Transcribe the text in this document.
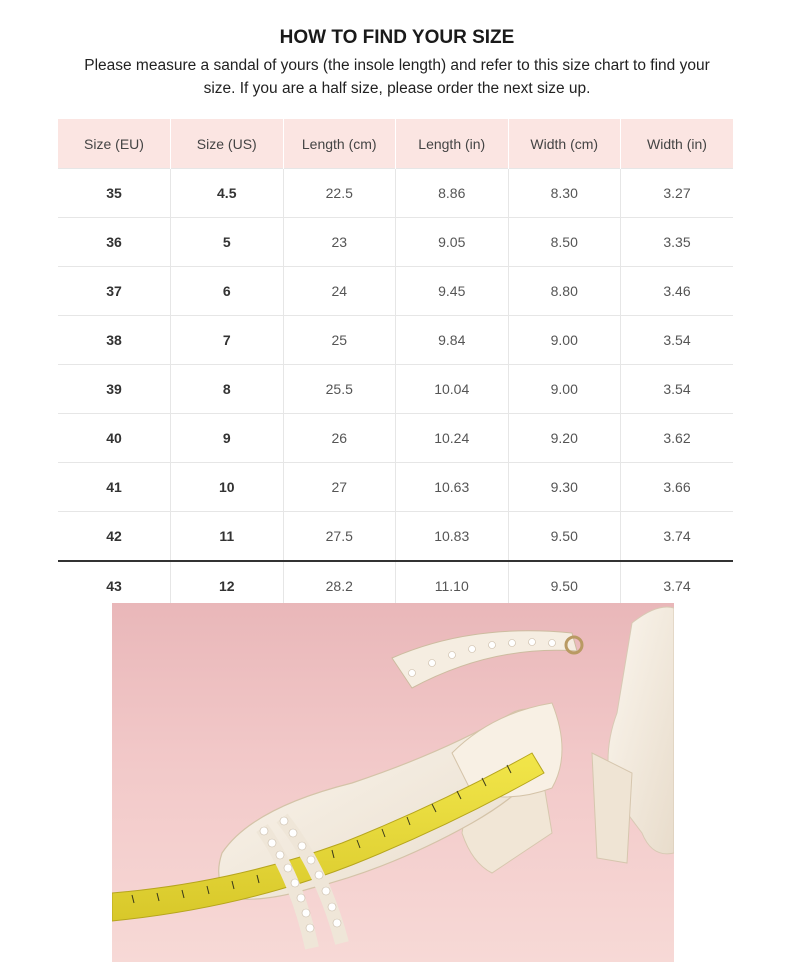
HOW TO FIND YOUR SIZE
Please measure a sandal of yours (the insole length) and refer to this size chart to find your
size. If you are a half size, please order the next size up.
Size (EU)	Size (US)	Length (cm)	Length (in)	Width (cm)	Width (in)
35	4.5	22.5	8.86	8.30	3.27
36	5	23	9.05	8.50	3.35
37	6	24	9.45	8.80	3.46
38	7	25	9.84	9.00	3.54
39	8	25.5	10.04	9.00	3.54
40	9	26	10.24	9.20	3.62
41	10	27	10.63	9.30	3.66
42	11	27.5	10.83	9.50	3.74
43	12	28.2	11.10	9.50	3.74
